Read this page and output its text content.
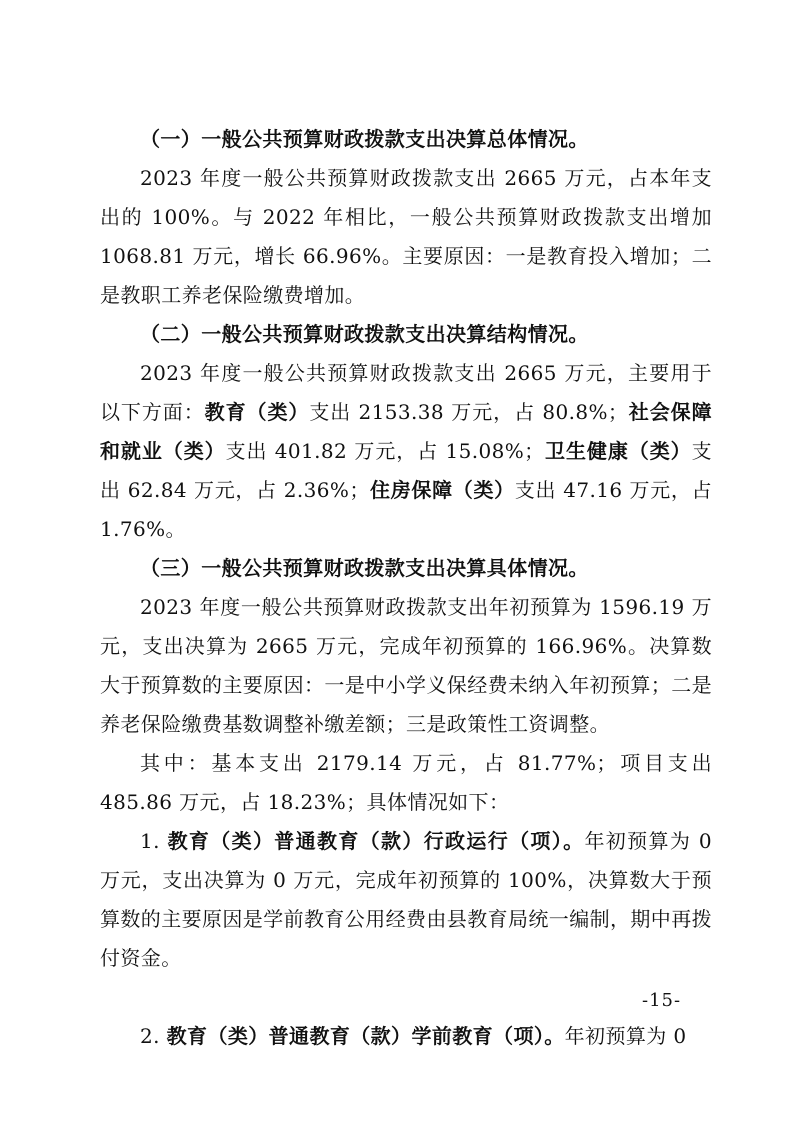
（一）一般公共预算财政拨款支出决算总体情况。

2023 年度一般公共预算财政拨款支出 2665 万元，占本年支出的 100%。与 2022 年相比，一般公共预算财政拨款支出增加 1068.81 万元，增长 66.96%。主要原因：一是教育投入增加；二是教职工养老保险缴费增加。

（二）一般公共预算财政拨款支出决算结构情况。

2023 年度一般公共预算财政拨款支出 2665 万元，主要用于以下方面：教育（类）支出 2153.38 万元，占 80.8%；社会保障和就业（类）支出 401.82 万元，占 15.08%；卫生健康（类）支出 62.84 万元，占 2.36%；住房保障（类）支出 47.16 万元，占 1.76%。

（三）一般公共预算财政拨款支出决算具体情况。

2023 年度一般公共预算财政拨款支出年初预算为 1596.19 万元，支出决算为 2665 万元，完成年初预算的 166.96%。决算数大于预算数的主要原因：一是中小学义保经费未纳入年初预算；二是养老保险缴费基数调整补缴差额；三是政策性工资调整。

其中：基本支出 2179.14 万元，占 81.77%；项目支出 485.86 万元，占 18.23%；具体情况如下：

1. 教育（类）普通教育（款）行政运行（项）。年初预算为 0 万元，支出决算为 0 万元，完成年初预算的 100%，决算数大于预算数的主要原因是学前教育公用经费由县教育局统一编制，期中再拨付资金。

2. 教育（类）普通教育（款）学前教育（项）。年初预算为 0

-15-
